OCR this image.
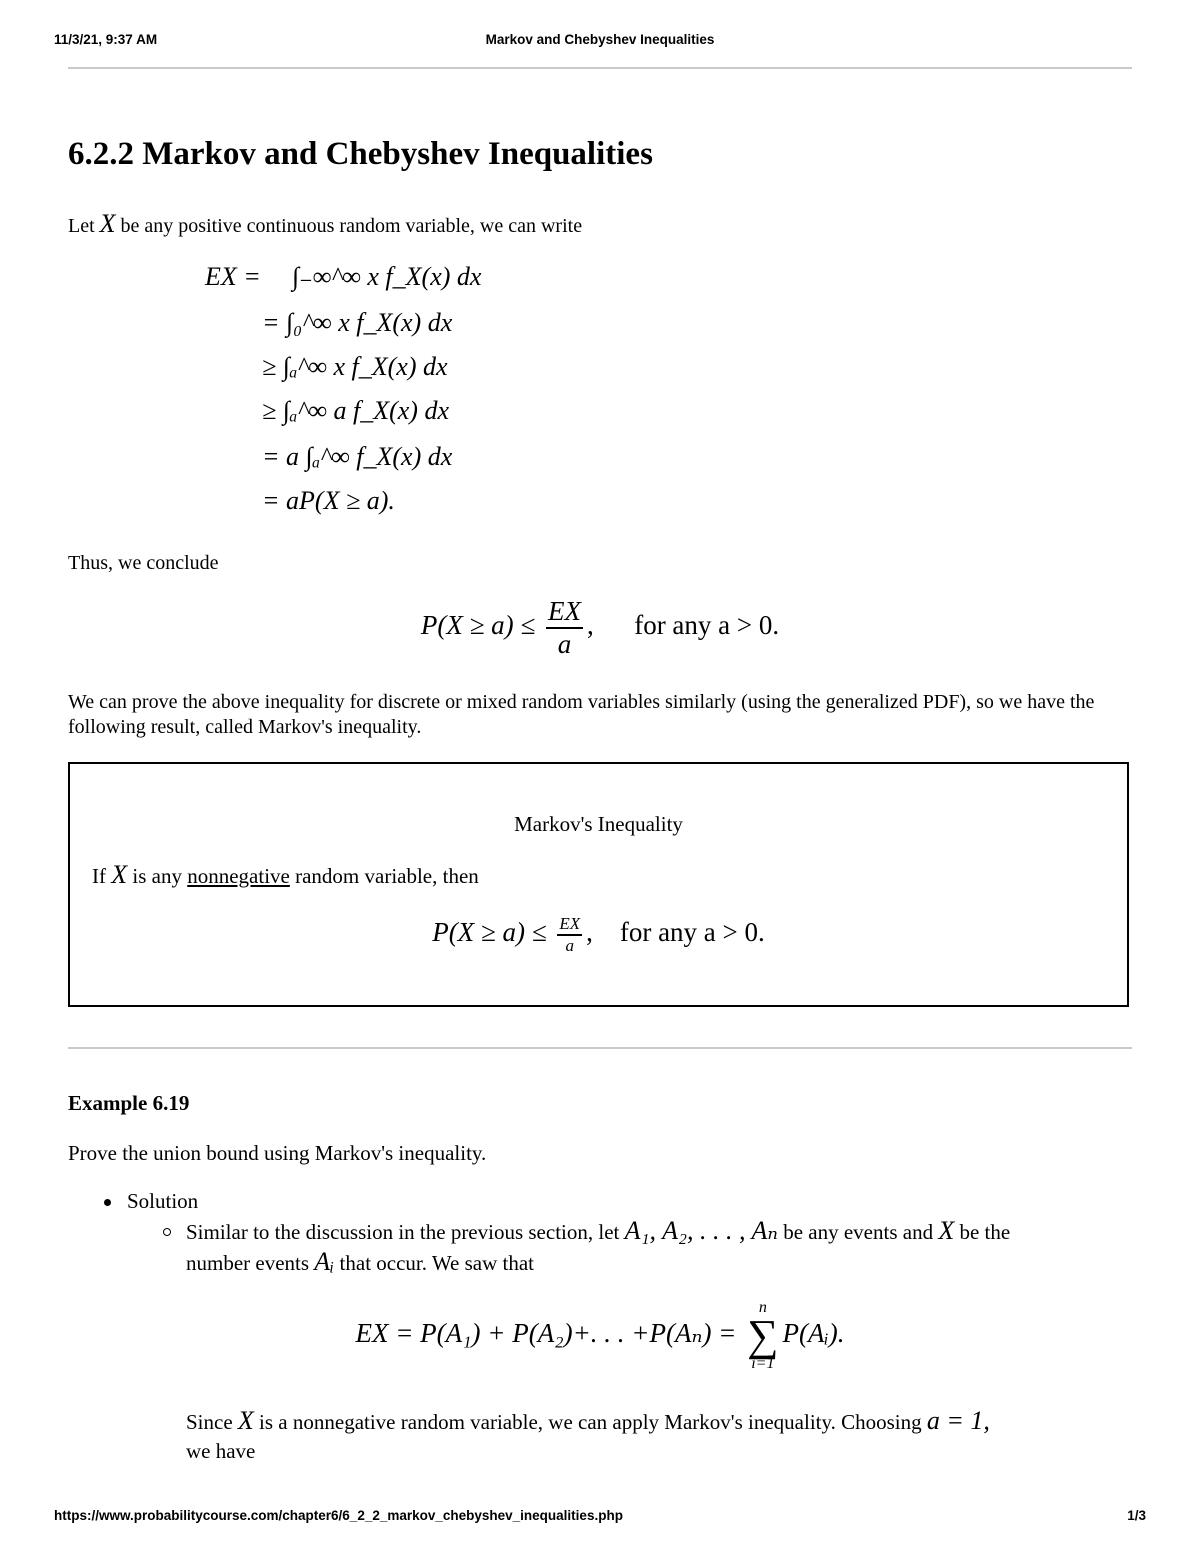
11/3/21, 9:37 AM	Markov and Chebyshev Inequalities
6.2.2 Markov and Chebyshev Inequalities
Let X be any positive continuous random variable, we can write
EX = ∫₋∞^∞ x f_X(x) dx
= ∫₀^∞ x f_X(x) dx
≥ ∫ₐ^∞ x f_X(x) dx
≥ ∫ₐ^∞ a f_X(x) dx
= a ∫ₐ^∞ f_X(x) dx
= aP(X ≥ a).
Thus, we conclude
$P(X \ge a) \le \frac{EX}{a}$ ,      for any a > 0.
We can prove the above inequality for discrete or mixed random variables similarly (using the generalized PDF), so we have the following result, called Markov's inequality.
Markov's Inequality
If X is any nonnegative random variable, then
$P(X \ge a) \le \frac{EX}{a}$ ,    for any a > 0.
Example 6.19
Prove the union bound using Markov's inequality.
Solution
Similar to the discussion in the previous section, let A₁, A₂, . . . , Aₙ be any events and X be the
number events Aᵢ that occur. We saw that
EX = P(A₁) + P(A₂)+. . . +P(Aₙ) = n
∑
i=1P(Aᵢ).
Since X is a nonnegative random variable, we can apply Markov's inequality. Choosing a = 1,
we have
https://www.probabilitycourse.com/chapter6/6_2_2_markov_chebyshev_inequalities.php	1/3
